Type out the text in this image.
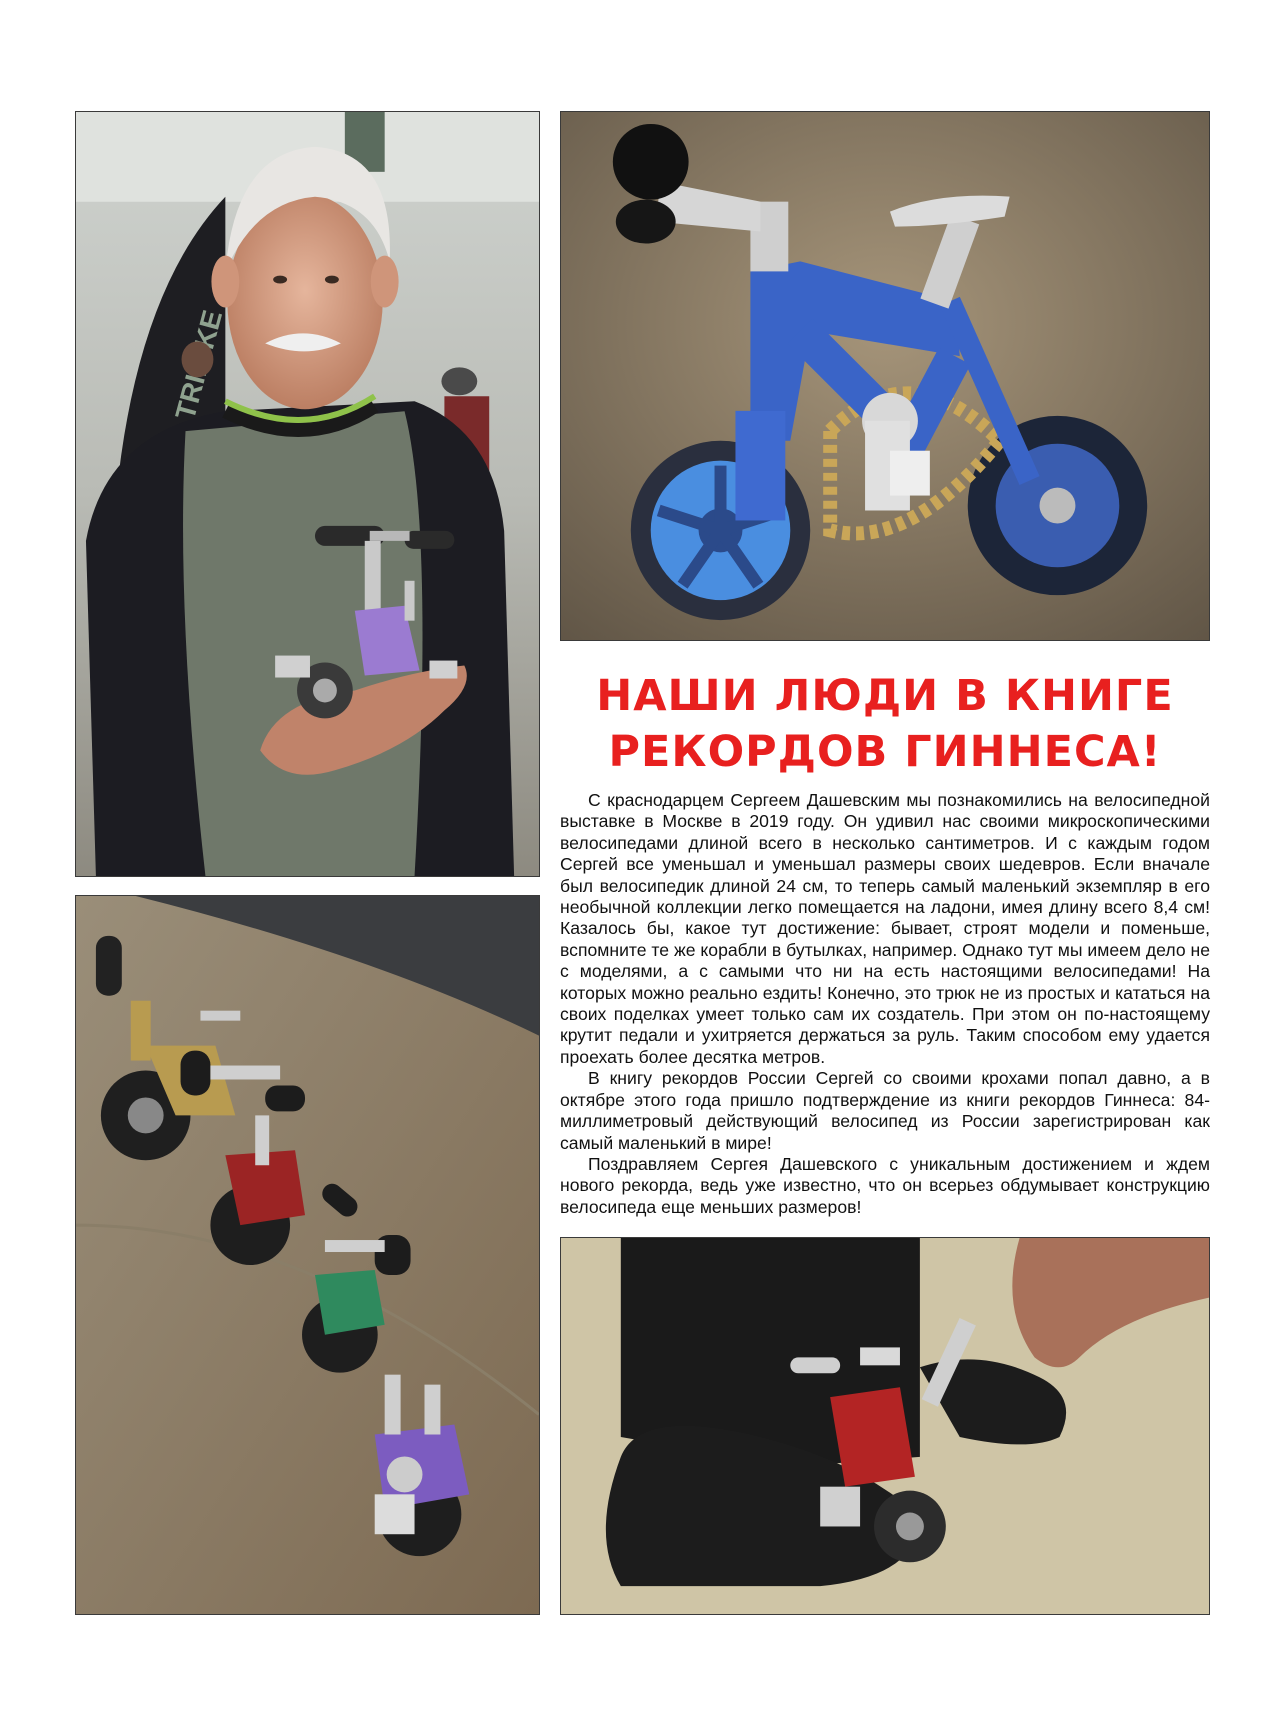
НАШИ ЛЮДИ В КНИГЕ
РЕКОРДОВ ГИННЕСА!

С краснодарцем Сергеем Дашевским мы познакомились на велосипедной выставке в Москве в 2019 году. Он удивил нас своими микроскопическими велосипедами длиной всего в несколько сантиметров. И с каждым годом Сергей все уменьшал и уменьшал размеры своих шедевров. Если вначале был велосипедик длиной 24 см, то теперь самый маленький экземпляр в его необычной коллекции легко помещается на ладони, имея длину всего 8,4 см! Казалось бы, какое тут достижение: бывает, строят модели и поменьше, вспомните те же корабли в бутылках, например. Однако тут мы имеем дело не с моделями, а с самыми что ни на есть настоящими велосипедами! На которых можно реально ездить! Конечно, это трюк не из простых и кататься на своих поделках умеет только сам их создатель. При этом он по-настоящему крутит педали и ухитряется держаться за руль. Таким способом ему удается проехать более десятка метров.

В книгу рекордов России Сергей со своими крохами попал давно, а в октябре этого года пришло подтверждение из книги рекордов Гиннеса: 84-миллиметровый действующий велосипед из России зарегистрирован как самый маленький в мире!

Поздравляем Сергея Дашевского с уникальным достижением и ждем нового рекорда, ведь уже известно, что он всерьез обдумывает конструкцию велосипеда еще меньших размеров!
